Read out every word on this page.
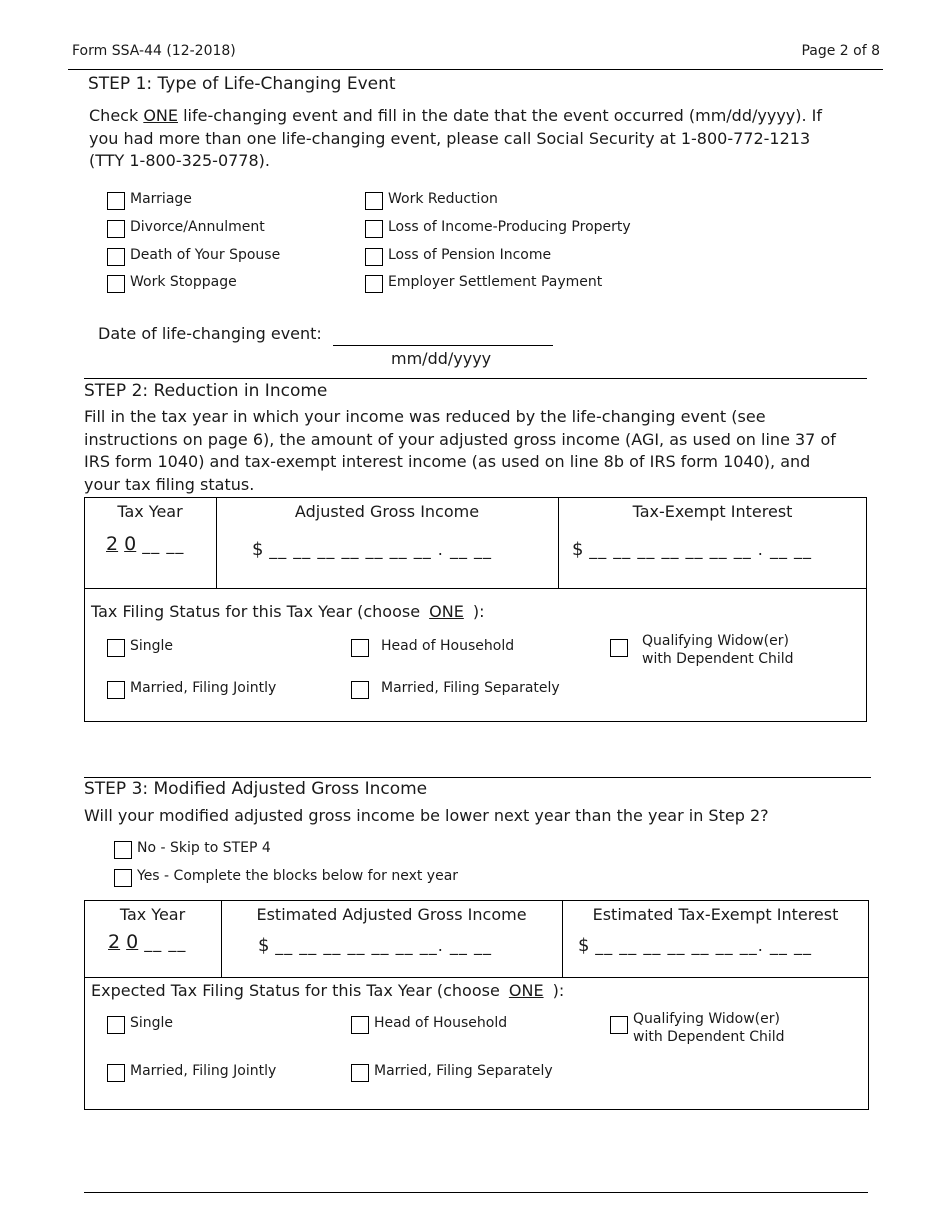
Form SSA-44 (12-2018)	Page 2 of 8
STEP 1: Type of Life-Changing Event
Check ONE life-changing event and fill in the date that the event occurred (mm/dd/yyyy). If
you had more than one life-changing event, please call Social Security at 1-800-772-1213
(TTY 1-800-325-0778).
Marriage
Divorce/Annulment
Death of Your Spouse
Work Stoppage
Work Reduction
Loss of Income-Producing Property
Loss of Pension Income
Employer Settlement Payment
Date of life-changing event:
mm/dd/yyyy
STEP 2: Reduction in Income
Fill in the tax year in which your income was reduced by the life-changing event (see
instructions on page 6), the amount of your adjusted gross income (AGI, as used on line 37 of
IRS form 1040) and tax-exempt interest income (as used on line 8b of IRS form 1040), and
your tax filing status.
Tax Year	Adjusted Gross Income	Tax-Exempt Interest
2 0 __ __	$ __ __ __ __ __ __ __ . __ __	$ __ __ __ __ __ __ __ . __ __
Tax Filing Status for this Tax Year (choose ONE ):
Single	Head of Household	Qualifying Widow(er)
with Dependent Child
Married, Filing Jointly	Married, Filing Separately
STEP 3: Modified Adjusted Gross Income
Will your modified adjusted gross income be lower next year than the year in Step 2?
No - Skip to STEP 4
Yes - Complete the blocks below for next year
Tax Year	Estimated Adjusted Gross Income	Estimated Tax-Exempt Interest
2 0 __ __	$ __ __ __ __ __ __ __. __ __	$ __ __ __ __ __ __ __. __ __
Expected Tax Filing Status for this Tax Year (choose ONE ):
Single	Head of Household	Qualifying Widow(er)
with Dependent Child
Married, Filing Jointly	Married, Filing Separately
